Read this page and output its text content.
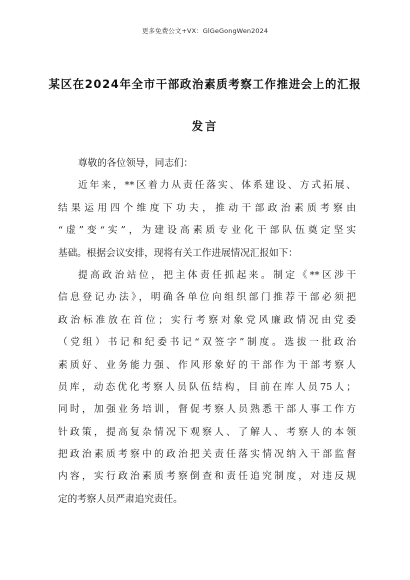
更多免费公文+VX：GlGeGongWen2024
某区在2024年全市干部政治素质考察工作推进会上的汇报
发言
尊敬的各位领导，同志们：
近年来，**区着力从责任落实、体系建设、方式拓展、
结果运用四个维度下功夫，推动干部政治素质考察由
“虚”变“实”，为建设高素质专业化干部队伍奠定坚实
基础。根据会议安排，现将有关工作进展情况汇报如下：
提高政治站位，把主体责任抓起来。制定《**区涉干
信息登记办法》，明确各单位向组织部门推荐干部必须把
政治标准放在首位；实行考察对象党风廉政情况由党委
（党组）书记和纪委书记“双签字”制度。选拔一批政治
素质好、业务能力强、作风形象好的干部作为干部考察人
员库，动态优化考察人员队伍结构，目前在库人员75人；
同时，加强业务培训，督促考察人员熟悉干部人事工作方
针政策，提高复杂情况下观察人、了解人、考察人的本领
把政治素质考察中的政治把关责任落实情况纳入干部监督
内容，实行政治素质考察倒查和责任追究制度，对违反规
定的考察人员严肃追究责任。
